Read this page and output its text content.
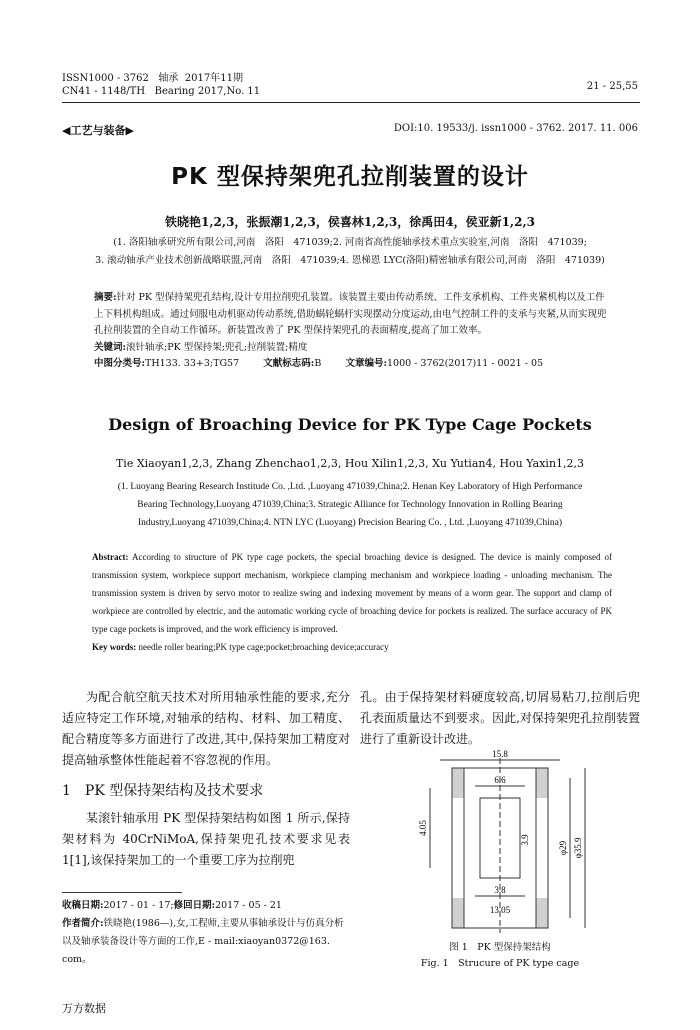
ISSN1000 - 3762 轴承 2017年11期
CN41 - 1148/TH Bearing 2017,No. 11	21 - 25,55
◀工艺与装备▶	DOI:10. 19533/j. issn1000 - 3762. 2017. 11. 006
PK 型保持架兜孔拉削装置的设计
铁晓艳1,2,3，张振潮1,2,3，侯喜林1,2,3，徐禹田4，侯亚新1,2,3
(1. 洛阳轴承研究所有限公司,河南　洛阳　471039;2. 河南省高性能轴承技术重点实验室,河南　洛阳　471039;
3. 滚动轴承产业技术创新战略联盟,河南　洛阳　471039;4. 恩梯恩 LYC(洛阳)精密轴承有限公司,河南　洛阳　471039)
摘要:针对 PK 型保持架兜孔结构,设计专用拉削兜孔装置。该装置主要由传动系统、工件支承机构、工件夹紧机构以及工件上下料机构组成。通过伺服电动机驱动传动系统,借助蜗轮蜗杆实现摆动分度运动,由电气控制工件的支承与夹紧,从而实现兜孔拉削装置的全自动工作循环。新装置改善了 PK 型保持架兜孔的表面精度,提高了加工效率。
关键词:滚针轴承;PK 型保持架;兜孔;拉削装置;精度
中图分类号:TH133. 33+3;TG57	文献标志码:B	文章编号:1000 - 3762(2017)11 - 0021 - 05
Design of Broaching Device for PK Type Cage Pockets
Tie Xiaoyan1,2,3, Zhang Zhenchao1,2,3, Hou Xilin1,2,3, Xu Yutian4, Hou Yaxin1,2,3
(1. Luoyang Bearing Research Institude Co. ,Ltd. ,Luoyang 471039,China;2. Henan Key Laboratory of High Performance
Bearing Technology,Luoyang 471039,China;3. Strategic Alliance for Technology Innovation in Rolling Bearing
Industry,Luoyang 471039,China;4. NTN LYC (Luoyang) Precision Bearing Co. , Ltd. ,Luoyang 471039,China)
Abstract: According to structure of PK type cage pockets, the special broaching device is designed. The device is mainly composed of transmission system, workpiece support mechanism, workpiece clamping mechanism and workpiece loading - unloading mechanism. The transmission system is driven by servo motor to realize swing and indexing movement by means of a worm gear. The support and clamp of workpiece are controlled by electric, and the automatic working cycle of broaching device for pockets is realized. The surface accuracy of PK type cage pockets is improved, and the work efficiency is improved.
Key words: needle roller bearing;PK type cage;pocket;broaching device;accuracy
为配合航空航天技术对所用轴承性能的要求,充分适应特定工作环境,对轴承的结构、材料、加工精度、配合精度等多方面进行了改进,其中,保持架加工精度对提高轴承整体性能起着不容忽视的作用。
1　PK 型保持架结构及技术要求
某滚针轴承用 PK 型保持架结构如图 1 所示,保持架材料为 40CrNiMoA,保持架兜孔技术要求见表 1[1],该保持架加工的一个重要工序为拉削兜
收稿日期:2017 - 01 - 17;修回日期:2017 - 05 - 21
作者简介:铁晓艳(1986—),女,工程师,主要从事轴承设计与仿真分析以及轴承装备设计等方面的工作,E - mail:xiaoyan0372@163. com。
孔。由于保持架材料硬度较高,切屑易粘刀,拉削后兜孔表面质量达不到要求。因此,对保持架兜孔拉削装置进行了重新设计改进。
15.8
6.6
4.05
3.9
3.8
13.05
φ29 φ35.9
图 1　PK 型保持架结构
Fig. 1　Strucure of PK type cage
万方数据
